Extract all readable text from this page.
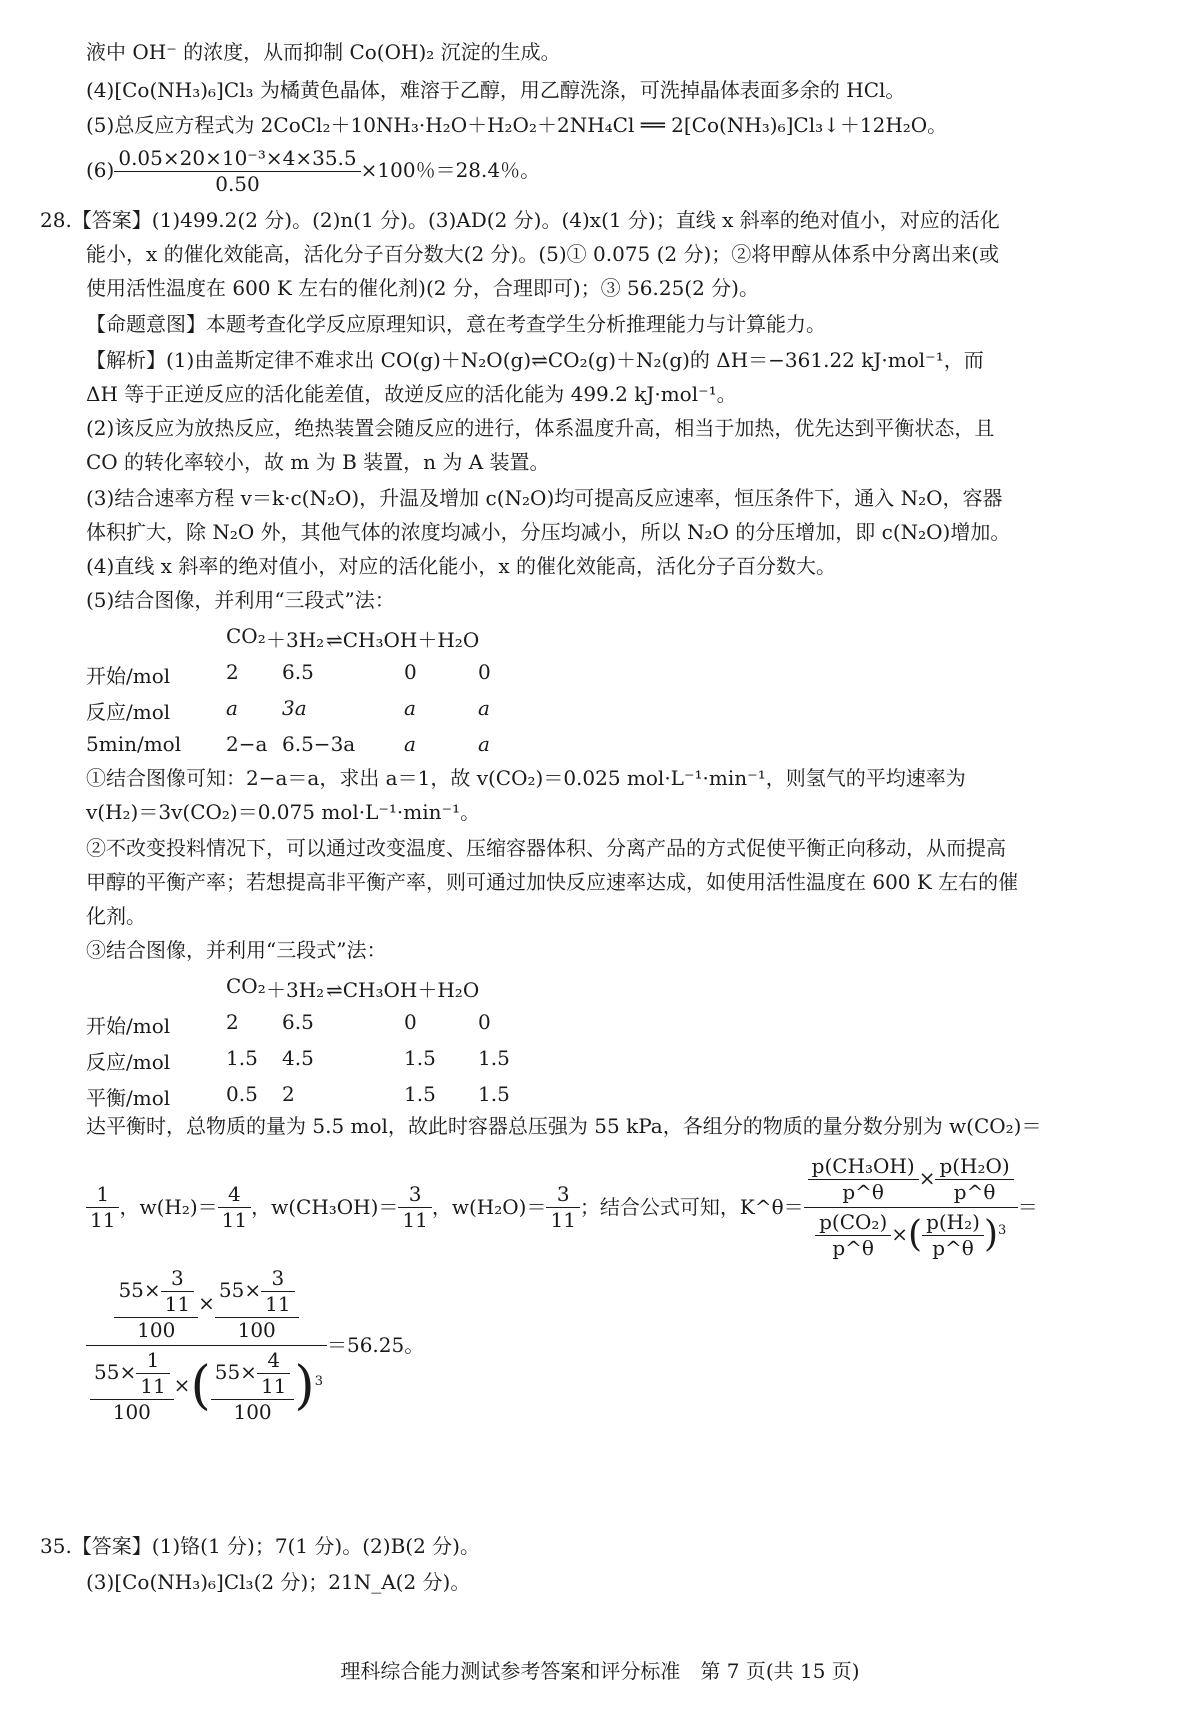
液中 OH⁻ 的浓度，从而抑制 Co(OH)₂ 沉淀的生成。
(4)[Co(NH₃)₆]Cl₃ 为橘黄色晶体，难溶于乙醇，用乙醇洗涤，可洗掉晶体表面多余的 HCl。
(5)总反应方程式为 2CoCl₂＋10NH₃·H₂O＋H₂O₂＋2NH₄Cl ══ 2[Co(NH₃)₆]Cl₃↓＋12H₂O。
$(6) \frac{\text{0.05×20×10⁻³×4×35.5}}{0.50} \times 100$％＝28.4％。
28.【答案】(1)499.2(2 分)。(2)n(1 分)。(3)AD(2 分)。(4)x(1 分)；直线 x 斜率的绝对值小，对应的活化
能小，x 的催化效能高，活化分子百分数大(2 分)。(5)① 0.075 (2 分)；②将甲醇从体系中分离出来(或
使用活性温度在 600 K 左右的催化剂)(2 分，合理即可)；③ 56.25(2 分)。
【命题意图】本题考查化学反应原理知识，意在考查学生分析推理能力与计算能力。
【解析】(1)由盖斯定律不难求出 CO(g)＋N₂O(g)⇌CO₂(g)＋N₂(g)的 ΔH＝−361.22 kJ·mol⁻¹，而
ΔH 等于正逆反应的活化能差值，故逆反应的活化能为 499.2 kJ·mol⁻¹。
(2)该反应为放热反应，绝热装置会随反应的进行，体系温度升高，相当于加热，优先达到平衡状态，且
CO 的转化率较小，故 m 为 B 装置，n 为 A 装置。
(3)结合速率方程 v＝k·c(N₂O)，升温及增加 c(N₂O)均可提高反应速率，恒压条件下，通入 N₂O，容器
体积扩大，除 N₂O 外，其他气体的浓度均减小，分压均减小，所以 N₂O 的分压增加，即 c(N₂O)增加。
(4)直线 x 斜率的绝对值小，对应的活化能小，x 的催化效能高，活化分子百分数大。
(5)结合图像，并利用“三段式”法：
CO₂ ＋3H₂ ⇌CH₃OH＋H₂O
开始/mol	2 6.5	0	0
反应/mol	a 3a	a	a
5min/mol 2−a 6.5−3a a	a
①结合图像可知：2−a＝a，求出 a＝1，故 v(CO₂)＝0.025 mol·L⁻¹·min⁻¹，则氢气的平均速率为
v(H₂)＝3v(CO₂)＝0.075 mol·L⁻¹·min⁻¹。
②不改变投料情况下，可以通过改变温度、压缩容器体积、分离产品的方式促使平衡正向移动，从而提高
甲醇的平衡产率；若想提高非平衡产率，则可通过加快反应速率达成，如使用活性温度在 600 K 左右的催
化剂。
③结合图像，并利用“三段式”法：
CO₂ ＋3H₂ ⇌CH₃OH＋H₂O
开始/mol	2 6.5	0	0
反应/mol	1.5 4.5	1.5 1.5
平衡/mol	0.5 2	1.5 1.5
达平衡时，总物质的量为 5.5 mol，故此时容器总压强为 55 kPa，各组分的物质的量分数分别为 w(CO₂)＝
$\frac{1}{11}$ ，$w(H_2)= \frac{4}{11}$ ，$w(CH_3OH)= \frac{3}{11}$ ，$w(H_2O)= \frac{3}{11}$ ；结合公式可知，K^θ＝ $\frac{\frac{\text{p(CH₃OH)}}{p\^{}\theta} \times \frac{\text{p(H₂O)}}{p\^{}\theta}}{\frac{\text{p(CO₂)}}{p\^{}\theta} \times( \frac{\text{p(H₂)}}{p\^{}\theta} )^3}$ ＝
$\frac{\frac{55\times \frac{3}{11}}{100} \times \frac{55\times \frac{3}{11}}{100}}{\frac{55\times \frac{1}{11}}{100} \times( \frac{55\times \frac{4}{11}}{100} )^3} =56.25$。
35.【答案】(1)铬(1 分)；7(1 分)。(2)B(2 分)。
(3)[Co(NH₃)₆]Cl₃(2 分)；21N_A(2 分)。
理科综合能力测试参考答案和评分标准　第 7 页(共 15 页)
